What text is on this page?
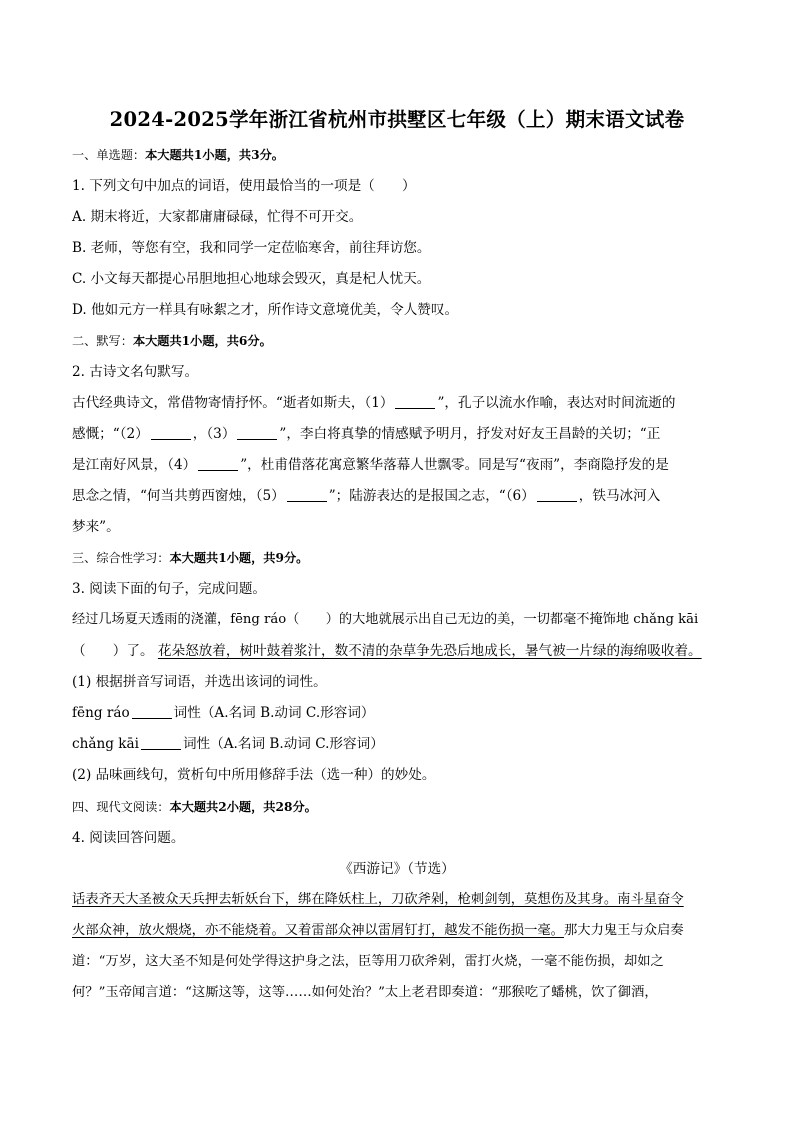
2024-2025学年浙江省杭州市拱墅区七年级（上）期末语文试卷
一、单选题：本大题共1小题，共3分。
1. 下列文句中加点的词语，使用最恰当的一项是（　　）
A. 期末将近，大家都庸庸碌碌，忙得不可开交。
B. 老师，等您有空，我和同学一定莅临寒舍，前往拜访您。
C. 小文每天都提心吊胆地担心地球会毁灭，真是杞人忧天。
D. 他如元方一样具有咏絮之才，所作诗文意境优美，令人赞叹。
二、默写：本大题共1小题，共6分。
2. 古诗文名句默写。
古代经典诗文，常借物寄情抒怀。“逝者如斯夫，（1）	”，孔子以流水作喻，表达对时间流逝的
感慨；“（2）	，（3）	”，李白将真挚的情感赋予明月，抒发对好友王昌龄的关切；“正
是江南好风景，（4）	”，杜甫借落花寓意繁华落幕人世飘零。同是写“夜雨”，李商隐抒发的是
思念之情，“何当共剪西窗烛，（5）	”；陆游表达的是报国之志，“（6）	，铁马冰河入
梦来”。
三、综合性学习：本大题共1小题，共9分。
3. 阅读下面的句子，完成问题。
经过几场夏天透雨的浇灌，fēng ráo（　　）的大地就展示出自己无边的美，一切都毫不掩饰地 chǎng kāi
（　　）了。 花朵怒放着，树叶鼓着浆汁，数不清的杂草争先恐后地成长，暑气被一片绿的海绵吸收着。
(1) 根据拼音写词语，并选出该词的词性。
fēng ráo	词性（A.名词 B.动词 C.形容词）
chǎng kāi	词性（A.名词 B.动词 C.形容词）
(2) 品味画线句，赏析句中所用修辞手法（选一种）的妙处。
四、现代文阅读：本大题共2小题，共28分。
4. 阅读回答问题。
《西游记》（节选）
话表齐天大圣被众天兵押去斩妖台下，绑在降妖柱上，刀砍斧剁，枪刺剑刳，莫想伤及其身。南斗星奋令
火部众神，放火煨烧，亦不能烧着。又着雷部众神以雷屑钉打，越发不能伤损一毫。那大力鬼王与众启奏
道：“万岁，这大圣不知是何处学得这护身之法，臣等用刀砍斧剁，雷打火烧，一毫不能伤损，却如之
何？”玉帝闻言道：“这厮这等，这等……如何处治？”太上老君即奏道：“那猴吃了蟠桃，饮了御酒，
